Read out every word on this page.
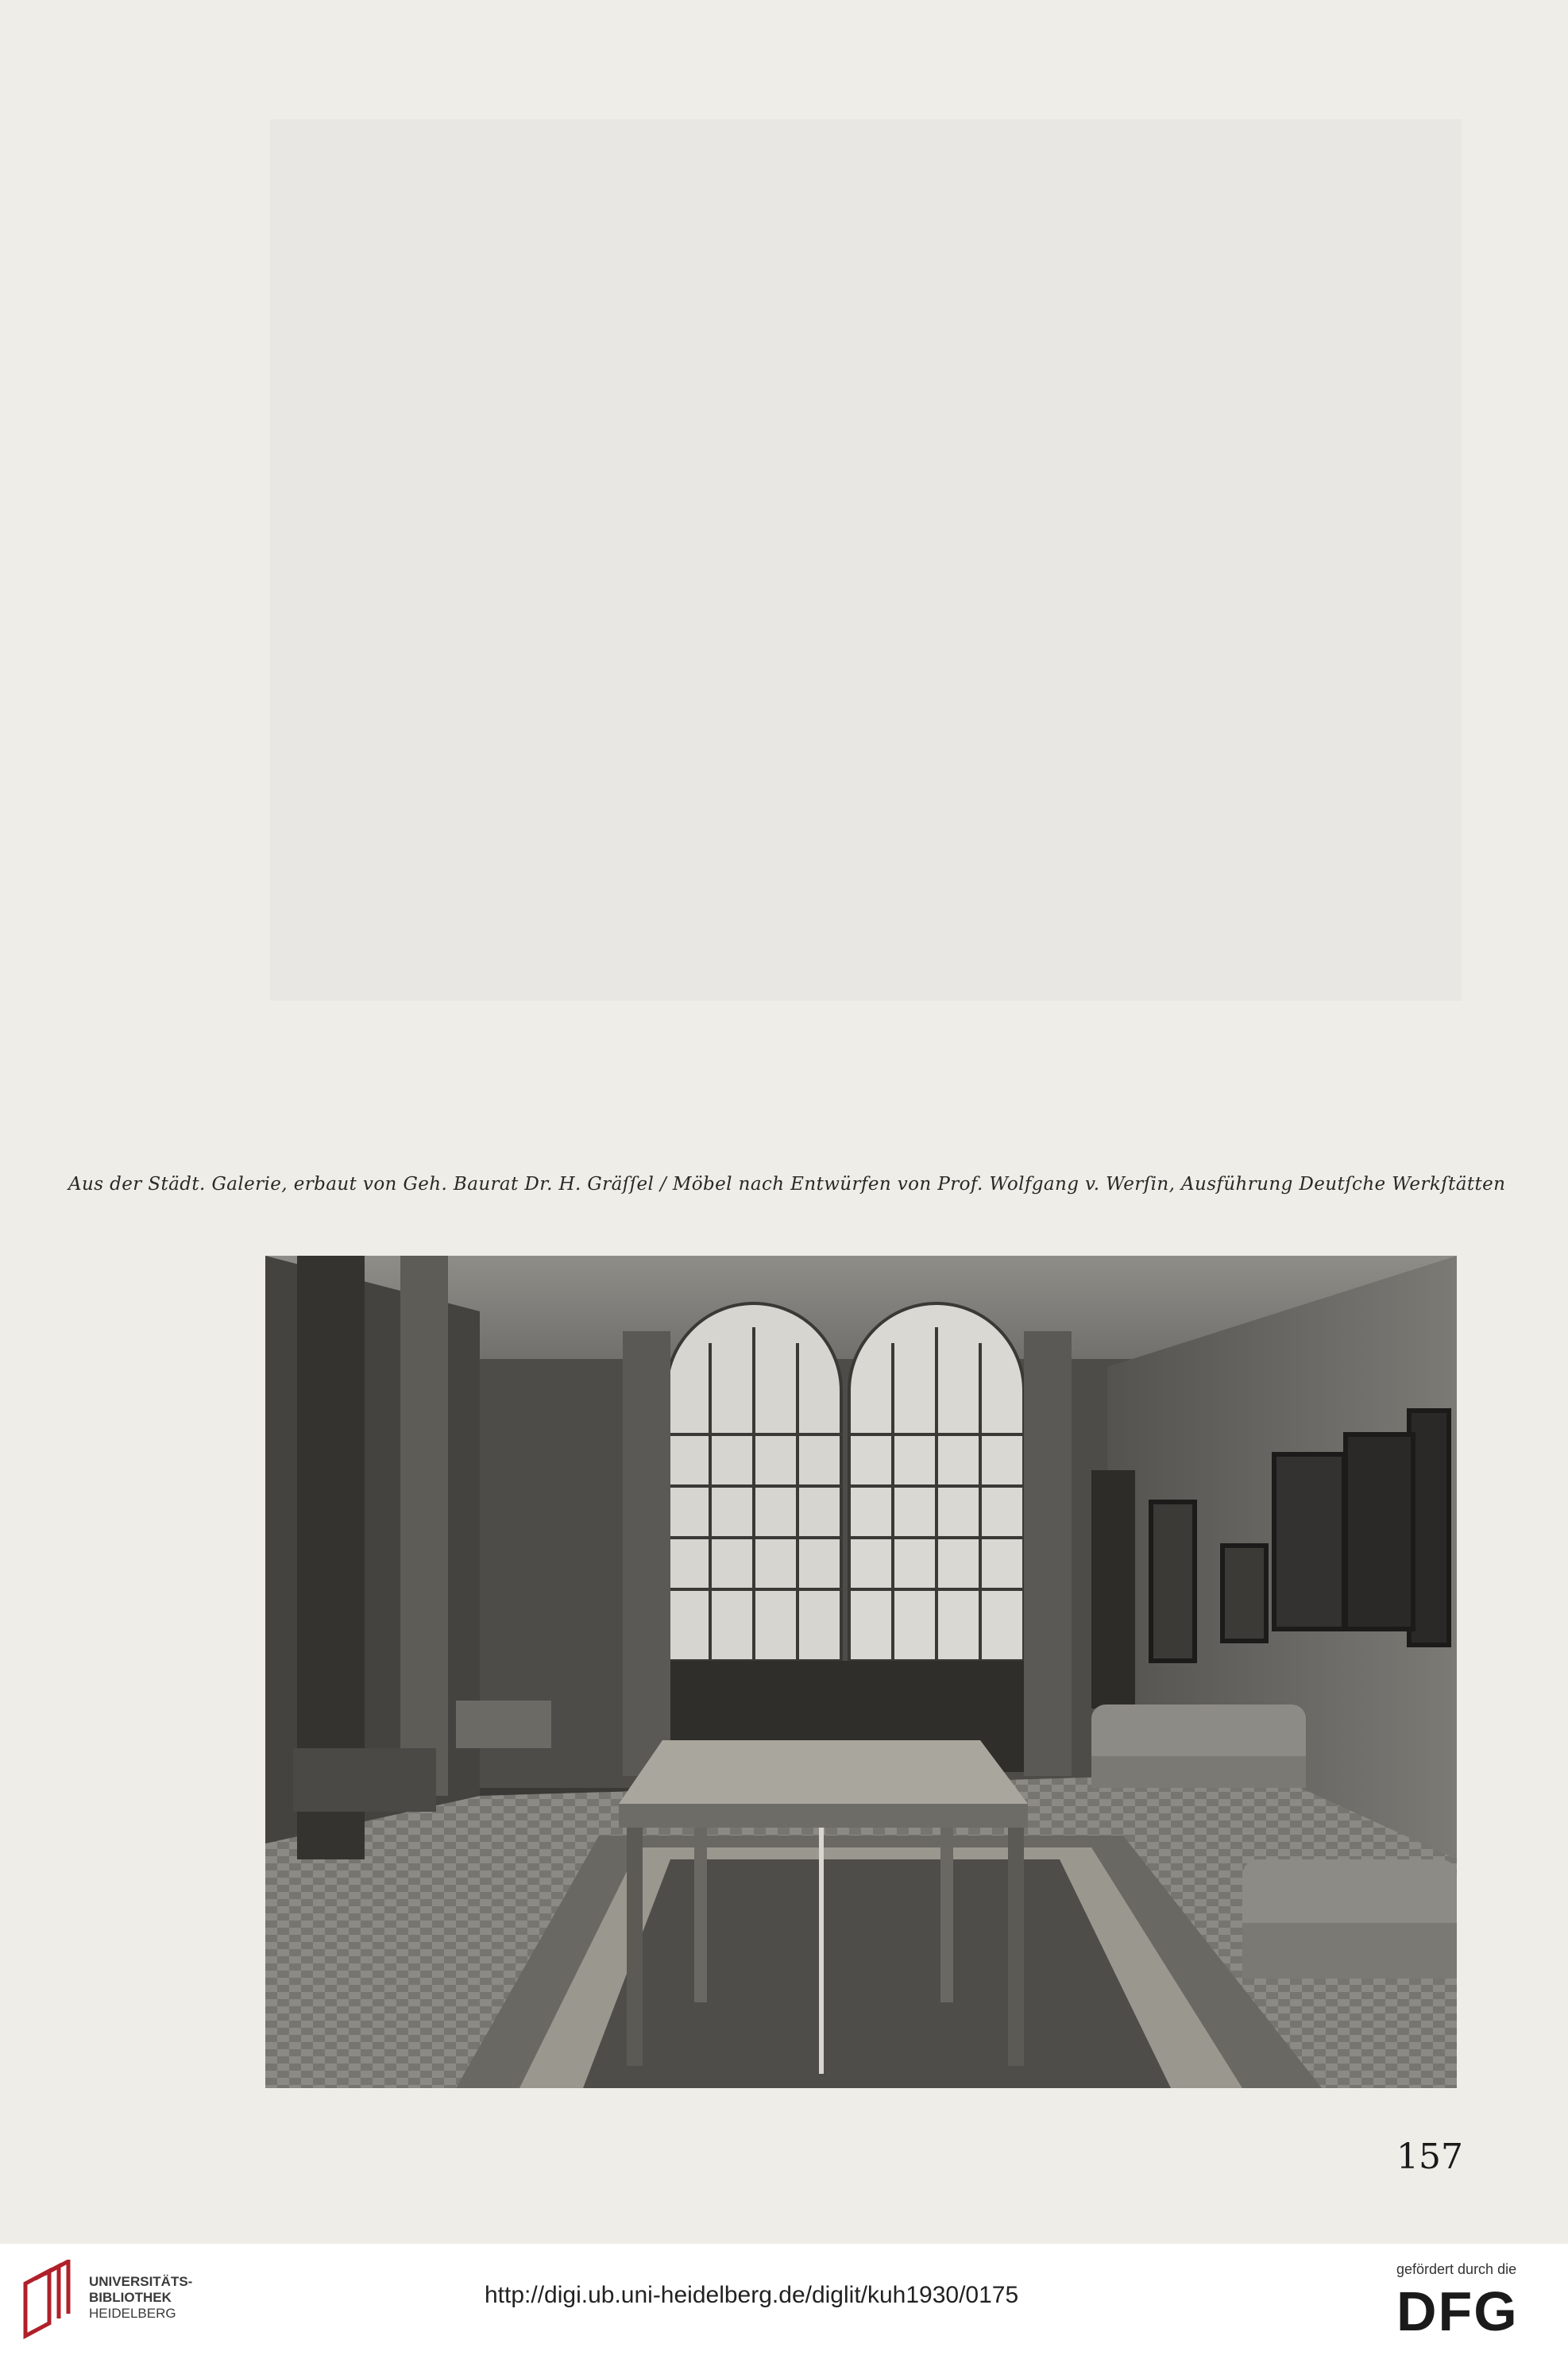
Aus der Städt. Galerie, erbaut von Geh. Baurat Dr. H. Gräſſel / Möbel nach Entwürfen von Prof. Wolfgang v. Werſin, Ausführung Deutſche Werkſtätten
157
UNIVERSITÄTS-
BIBLIOTHEK
HEIDELBERG
http://digi.ub.uni-heidelberg.de/diglit/kuh1930/0175
gefördert durch die
DFG
